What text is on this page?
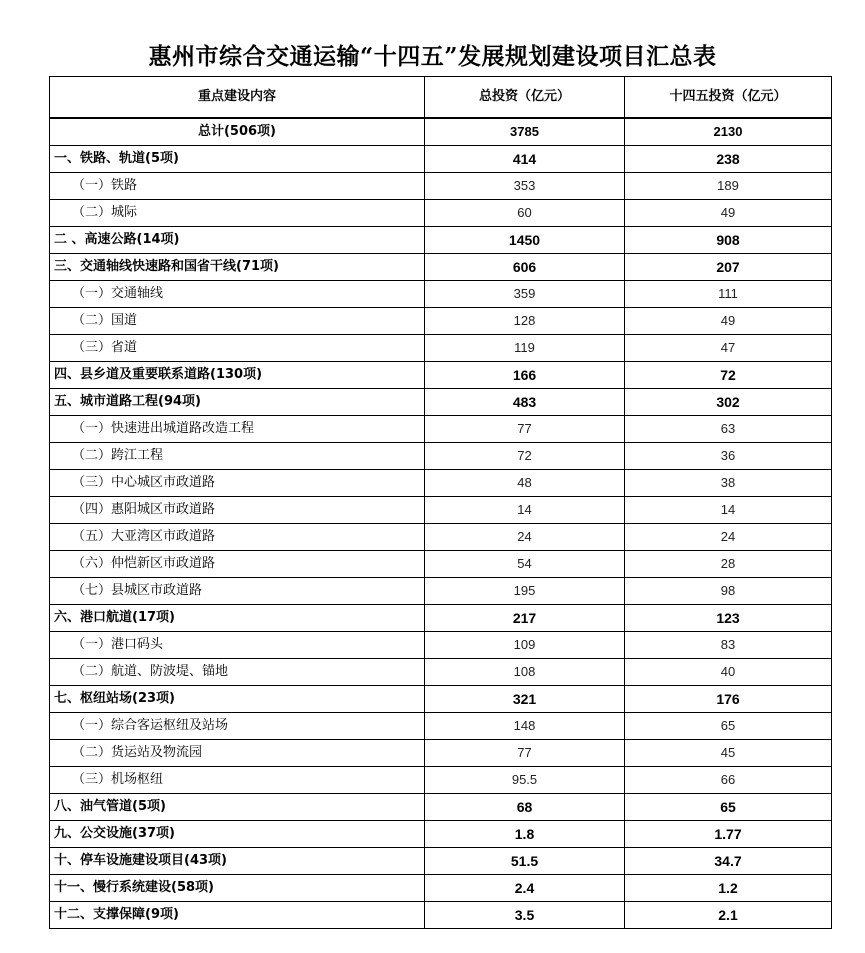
惠州市综合交通运输“十四五”发展规划建设项目汇总表
重点建设内容	总投资（亿元）	十四五投资（亿元）
总计(506项)	3785	2130
一、铁路、轨道(5项)	414	238
（一）铁路	353	189
（二）城际	60	49
二 、高速公路(14项)	1450	908
三、交通轴线快速路和国省干线(71项)	606	207
（一）交通轴线	359	111
（二）国道	128	49
（三）省道	119	47
四、县乡道及重要联系道路(130项)	166	72
五、城市道路工程(94项)	483	302
（一）快速进出城道路改造工程	77	63
（二）跨江工程	72	36
（三）中心城区市政道路	48	38
（四）惠阳城区市政道路	14	14
（五）大亚湾区市政道路	24	24
（六）仲恺新区市政道路	54	28
（七）县城区市政道路	195	98
六、港口航道(17项)	217	123
（一）港口码头	109	83
（二）航道、防波堤、锚地	108	40
七、枢纽站场(23项)	321	176
（一）综合客运枢纽及站场	148	65
（二）货运站及物流园	77	45
（三）机场枢纽	95.5	66
八、油气管道(5项)	68	65
九、公交设施(37项)	1.8	1.77
十、停车设施建设项目(43项)	51.5	34.7
十一、慢行系统建设(58项)	2.4	1.2
十二、支撑保障(9项)	3.5	2.1
